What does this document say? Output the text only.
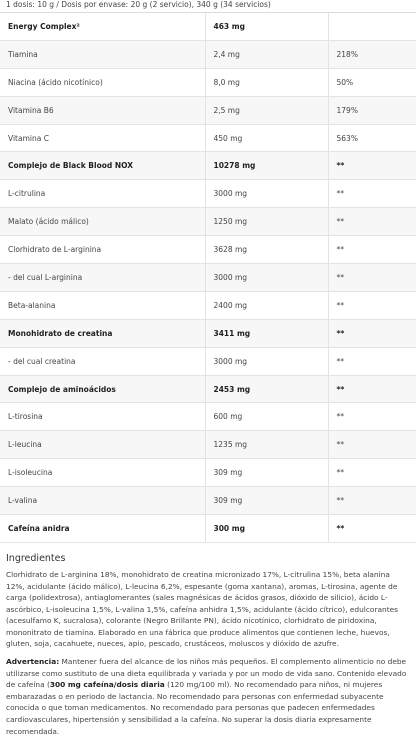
1 dosis: 10 g / Dosis por envase: 20 g (2 servicio), 340 g (34 servicios)
Energy Complex²	463 mg	
Tiamina	2,4 mg	218%
Niacina (ácido nicotínico)	8,0 mg	50%
Vitamina B6	2,5 mg	179%
Vitamina C	450 mg	563%
Complejo de Black Blood NOX	10278 mg	**
L-citrulina	3000 mg	**
Malato (ácido málico)	1250 mg	**
Clorhidrato de L-arginina	3628 mg	**
- del cual L-arginina	3000 mg	**
Beta-alanina	2400 mg	**
Monohidrato de creatina	3411 mg	**
- del cual creatina	3000 mg	**
Complejo de aminoácidos	2453 mg	**
L-tirosina	600 mg	**
L-leucina	1235 mg	**
L-isoleucina	309 mg	**
L-valina	309 mg	**
Cafeína anidra	300 mg	**
Ingredientes

Clorhidrato de L-arginina 18%, monohidrato de creatina micronizado 17%, L-citrulina 15%, beta alanina 12%, acidulante (ácido málico), L-leucina 6,2%, espesante (goma xantana), aromas, L-tirosina, agente de carga (polidextrosa), antiaglomerantes (sales magnésicas de ácidos grasos, dióxido de silicio), ácido L-ascórbico, L-isoleucina 1,5%, L-valina 1,5%, cafeína anhidra 1,5%, acidulante (ácido cítrico), edulcorantes (acesulfamo K, sucralosa), colorante (Negro Brillante PN), ácido nicotínico, clorhidrato de piridoxina, mononitrato de tiamina. Elaborado en una fábrica que produce alimentos que contienen leche, huevos, gluten, soja, cacahuete, nueces, apio, pescado, crustáceos, moluscos y dióxido de azufre.

Advertencia: Mantener fuera del alcance de los niños más pequeños. El complemento alimenticio no debe utilizarse como sustituto de una dieta equilibrada y variada y por un modo de vida sano. Contenido elevado de cafeína (300 mg cafeína/dosis diaria (120 mg/100 ml). No recomendado para niños, ni mujeres embarazadas o en periodo de lactancia. No recomendado para personas con enfermedad subyacente conocida o que toman medicamentos. No recomendado para personas que padecen enfermedades cardiovasculares, hipertensión y sensibilidad a la cafeína. No superar la dosis diaria expresamente recomendada.
